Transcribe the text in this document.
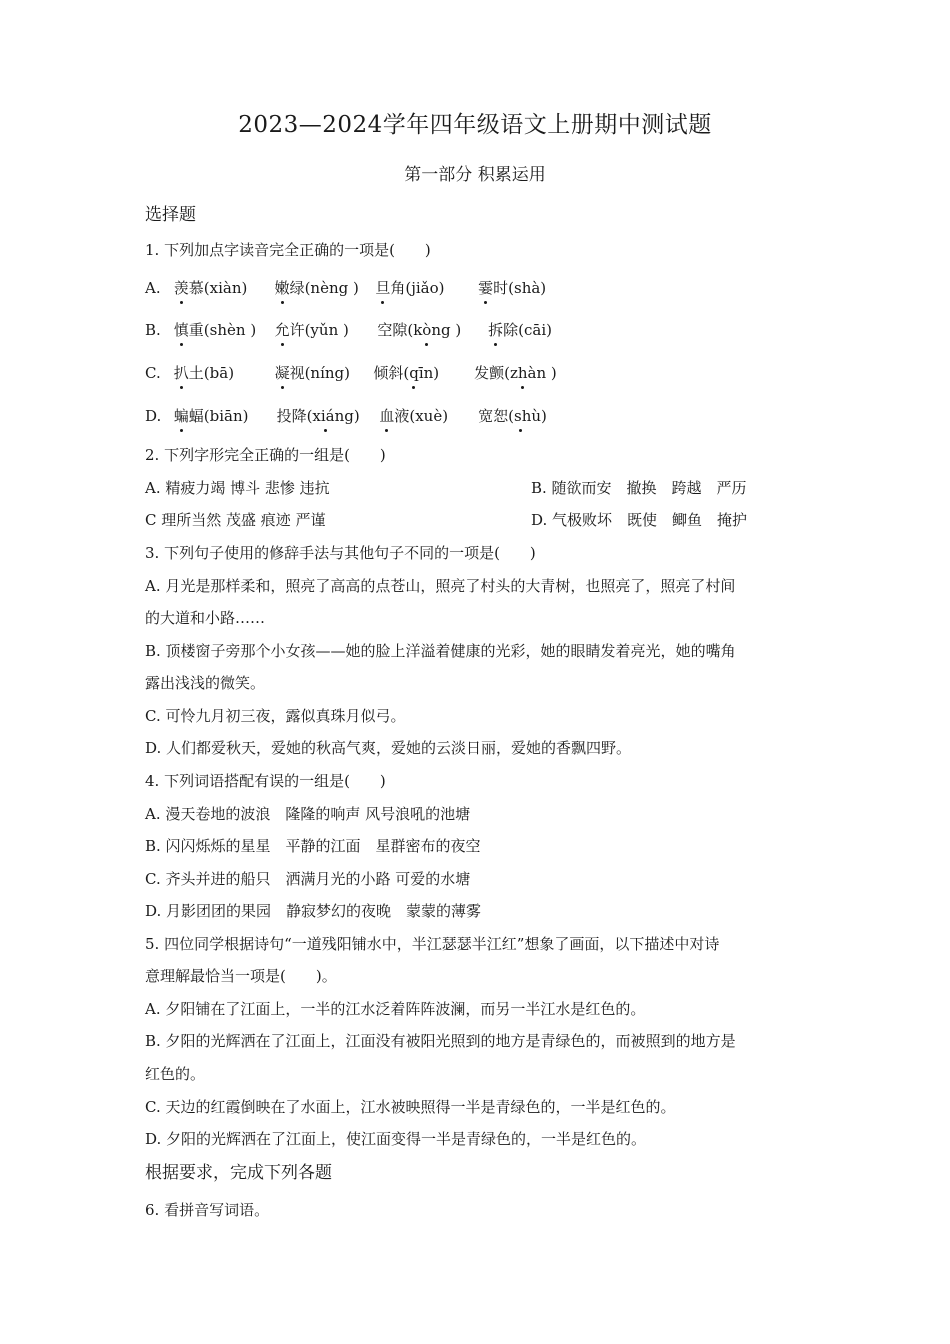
2023—2024学年四年级语文上册期中测试题
第一部分 积累运用
选择题
1. 下列加点字读音完全正确的一项是(　　)
A. 羡慕(xiàn) 嫩绿(nèng ) 旦角(jiǎo) 霎时(shà)
B. 慎重(shèn ) 允许(yǔn ) 空隙(kòng ) 拆除(cāi)
C. 扒土(bā)	凝视(níng) 倾斜(qīn) 发颤(zhàn )
D. 蝙蝠(biān) 投降(xiáng) 血液(xuè) 宽恕(shù)
2. 下列字形完全正确的一组是(　　)
A. 精疲力竭 博斗 悲惨 违抗	B. 随欲而安　撤换　跨越　严历
C 理所当然 茂盛 痕迹 严谨	D. 气极败坏　既使　鲫鱼　掩护
3. 下列句子使用的修辞手法与其他句子不同的一项是(　　)
A. 月光是那样柔和，照亮了高高的点苍山，照亮了村头的大青树，也照亮了，照亮了村间
的大道和小路……
B. 顶楼窗子旁那个小女孩——她的脸上洋溢着健康的光彩，她的眼睛发着亮光，她的嘴角
露出浅浅的微笑。
C. 可怜九月初三夜，露似真珠月似弓。
D. 人们都爱秋天，爱她的秋高气爽，爱她的云淡日丽，爱她的香飘四野。
4. 下列词语搭配有误的一组是(　　)
A. 漫天卷地的波浪　隆隆的响声 风号浪吼的池塘
B. 闪闪烁烁的星星　平静的江面　星群密布的夜空
C. 齐头并进的船只　洒满月光的小路 可爱的水塘
D. 月影团团的果园　静寂梦幻的夜晚　蒙蒙的薄雾
5. 四位同学根据诗句“一道残阳铺水中，半江瑟瑟半江红”想象了画面，以下描述中对诗
意理解最恰当一项是(　　)。
A. 夕阳铺在了江面上，一半的江水泛着阵阵波澜，而另一半江水是红色的。
B. 夕阳的光辉洒在了江面上，江面没有被阳光照到的地方是青绿色的，而被照到的地方是
红色的。
C. 天边的红霞倒映在了水面上，江水被映照得一半是青绿色的，一半是红色的。
D. 夕阳的光辉洒在了江面上，使江面变得一半是青绿色的，一半是红色的。
根据要求，完成下列各题
6. 看拼音写词语。
